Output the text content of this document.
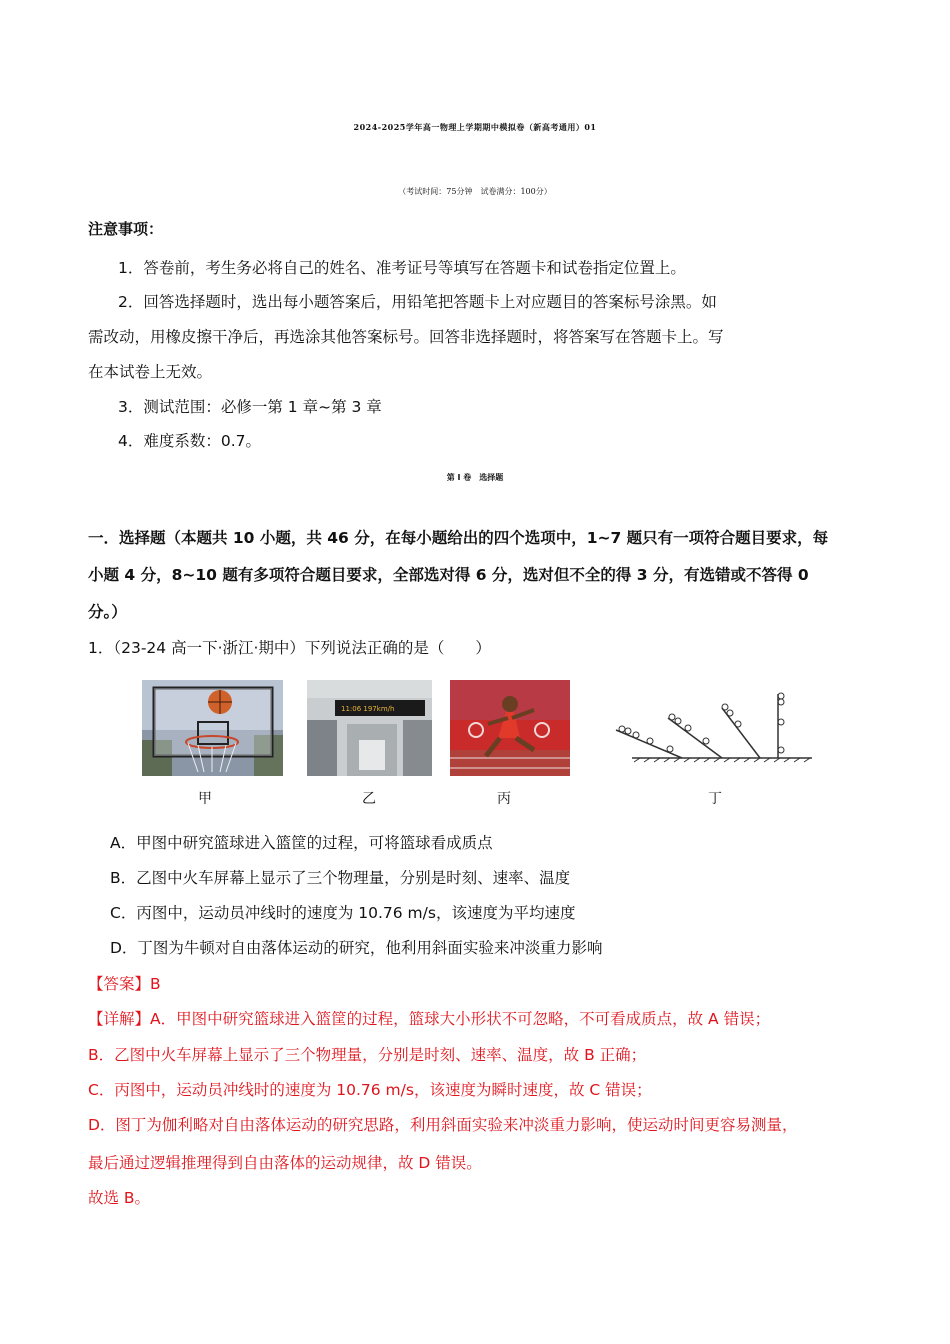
2024-2025学年高一物理上学期期中模拟卷（新高考通用）01
（考试时间：75分钟　试卷满分：100分）
注意事项：
1．答卷前，考生务必将自己的姓名、准考证号等填写在答题卡和试卷指定位置上。
2．回答选择题时，选出每小题答案后，用铅笔把答题卡上对应题目的答案标号涂黑。如
需改动，用橡皮擦干净后，再选涂其他答案标号。回答非选择题时，将答案写在答题卡上。写
在本试卷上无效。
3．测试范围：必修一第 1 章~第 3 章
4．难度系数：0.7。
第 I 卷　选择题
一．选择题（本题共 10 小题，共 46 分，在每小题给出的四个选项中，1~7 题只有一项符合题目要求，每
小题 4 分，8~10 题有多项符合题目要求，全部选对得 6 分，选对但不全的得 3 分，有选错或不答得 0
分。）
1．（23-24 高一下·浙江·期中）下列说法正确的是（　　）
11:06 197km/h
甲	乙	丙	丁
A．甲图中研究篮球进入篮筐的过程，可将篮球看成质点
B．乙图中火车屏幕上显示了三个物理量，分别是时刻、速率、温度
C．丙图中，运动员冲线时的速度为 10.76 m/s，该速度为平均速度
D．丁图为牛顿对自由落体运动的研究，他利用斜面实验来冲淡重力影响
【答案】B
【详解】A．甲图中研究篮球进入篮筐的过程，篮球大小形状不可忽略，不可看成质点，故 A 错误；
B．乙图中火车屏幕上显示了三个物理量，分别是时刻、速率、温度，故 B 正确；
C．丙图中，运动员冲线时的速度为 10.76 m/s，该速度为瞬时速度，故 C 错误；
D．图丁为伽利略对自由落体运动的研究思路，利用斜面实验来冲淡重力影响，使运动时间更容易测量，
最后通过逻辑推理得到自由落体的运动规律，故 D 错误。
故选 B。
